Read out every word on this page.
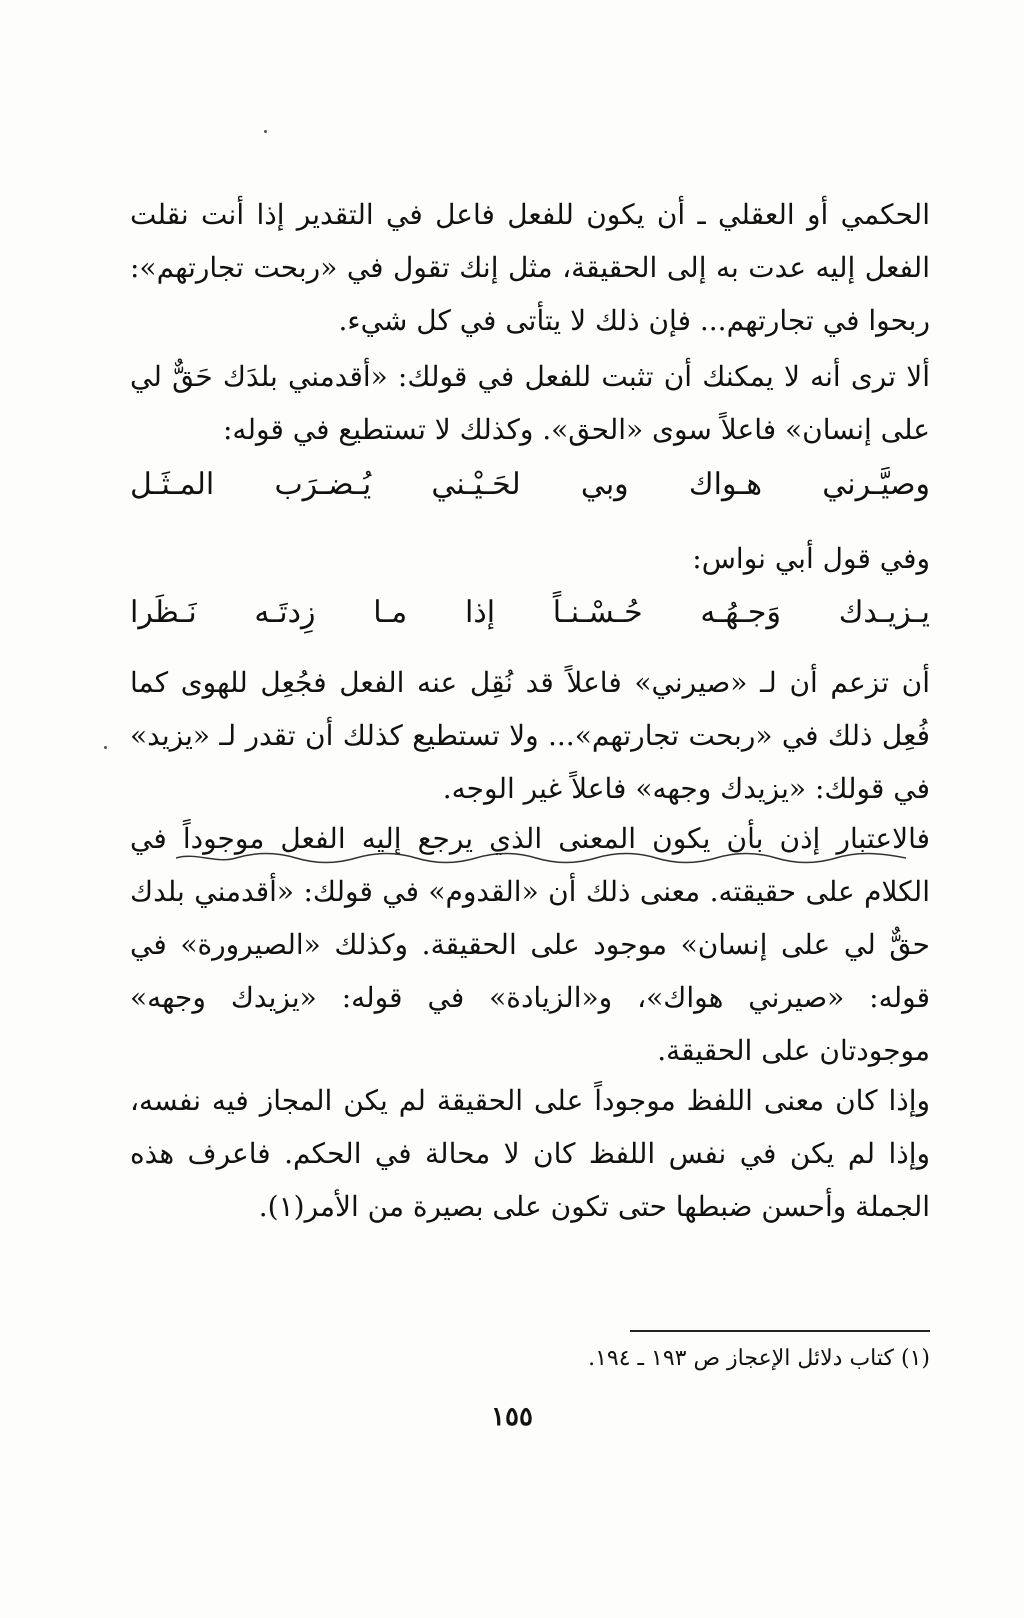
الحكمي أو العقلي ـ أن يكون للفعل فاعل في التقدير إذا أنت نقلت الفعل إليه عدت به إلى الحقيقة، مثل إنك تقول في «ربحت تجارتهم»: ربحوا في تجارتهم... فإن ذلك لا يتأتى في كل شيء.

ألا ترى أنه لا يمكنك أن تثبت للفعل في قولك: «أقدمني بلدَك حَقٌّ لي على إنسان» فاعلاً سوى «الحق». وكذلك لا تستطيع في قوله:

وصيَّـرني
هـواك
وبي
لحَـيْـني
يُـضـرَب
المـثَـل

وفي قول أبي نواس:

يـزيـدك
وَجـهُـه
حُـسْـنـاً
إذا
مـا
زِدتَـه
نَـظَرا

أن تزعم أن لـ «صيرني» فاعلاً قد نُقِل عنه الفعل فجُعِل للهوى كما فُعِل ذلك في «ربحت تجارتهم»... ولا تستطيع كذلك أن تقدر لـ «يزيد» في قولك: «يزيدك وجهه» فاعلاً غير الوجه.

فالاعتبار إذن بأن يكون المعنى الذي يرجع إليه الفعل موجوداً في الكلام على حقيقته. معنى ذلك أن «القدوم» في قولك: «أقدمني بلدك حقٌّ لي على إنسان» موجود على الحقيقة. وكذلك «الصيرورة» في قوله: «صيرني هواك»، و«الزيادة» في قوله: «يزيدك وجهه» موجودتان على الحقيقة.

وإذا كان معنى اللفظ موجوداً على الحقيقة لم يكن المجاز فيه نفسه، وإذا لم يكن في نفس اللفظ كان لا محالة في الحكم. فاعرف هذه الجملة وأحسن ضبطها حتى تكون على بصيرة من الأمر(١).

(١) كتاب دلائل الإعجاز ص ١٩٣ ـ ١٩٤.
١٥٥
